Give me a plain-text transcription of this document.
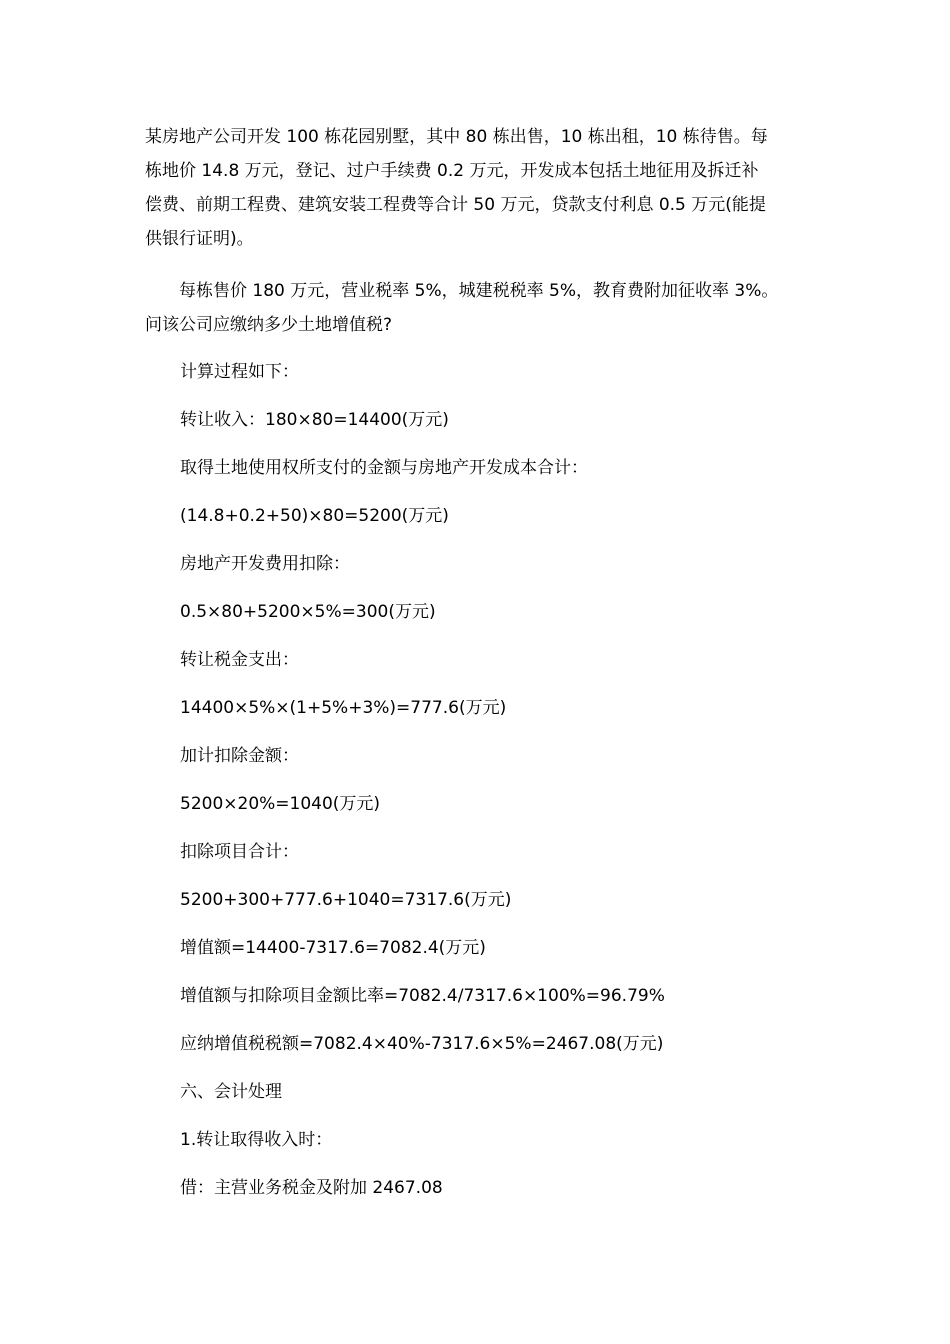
某房地产公司开发 100 栋花园别墅，其中 80 栋出售，10 栋出租，10 栋待售。每
栋地价 14.8 万元，登记、过户手续费 0.2 万元，开发成本包括土地征用及拆迁补
偿费、前期工程费、建筑安装工程费等合计 50 万元，贷款支付利息 0.5 万元(能提
供银行证明)。
　　每栋售价 180 万元，营业税率 5%，城建税税率 5%，教育费附加征收率 3%。
问该公司应缴纳多少土地增值税?

计算过程如下：

转让收入：180×80=14400(万元)

取得土地使用权所支付的金额与房地产开发成本合计：

(14.8+0.2+50)×80=5200(万元)

房地产开发费用扣除：

0.5×80+5200×5%=300(万元)

转让税金支出：

14400×5%×(1+5%+3%)=777.6(万元)

加计扣除金额：

5200×20%=1040(万元)

扣除项目合计：

5200+300+777.6+1040=7317.6(万元)

增值额=14400-7317.6=7082.4(万元)

增值额与扣除项目金额比率=7082.4/7317.6×100%=96.79%

应纳增值税税额=7082.4×40%-7317.6×5%=2467.08(万元)

六、会计处理

1.转让取得收入时：

借：主营业务税金及附加 2467.08
